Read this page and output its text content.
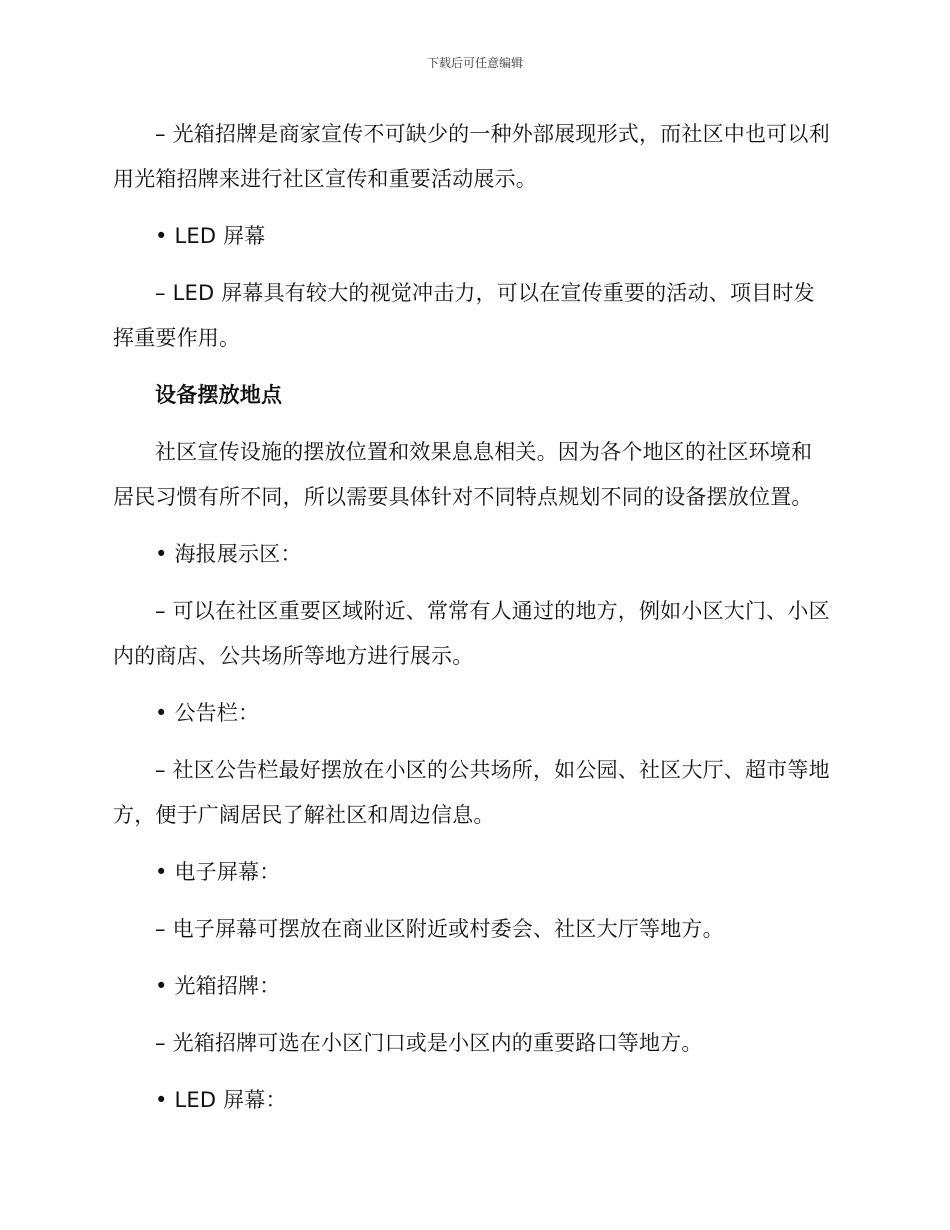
下载后可任意编辑

– 光箱招牌是商家宣传不可缺少的一种外部展现形式，而社区中也可以利用光箱招牌来进行社区宣传和重要活动展示。

• LED 屏幕

– LED 屏幕具有较大的视觉冲击力，可以在宣传重要的活动、项目时发挥重要作用。

设备摆放地点

社区宣传设施的摆放位置和效果息息相关。因为各个地区的社区环境和居民习惯有所不同，所以需要具体针对不同特点规划不同的设备摆放位置。

• 海报展示区：

– 可以在社区重要区域附近、常常有人通过的地方，例如小区大门、小区内的商店、公共场所等地方进行展示。

• 公告栏：

– 社区公告栏最好摆放在小区的公共场所，如公园、社区大厅、超市等地方，便于广阔居民了解社区和周边信息。

• 电子屏幕：

– 电子屏幕可摆放在商业区附近或村委会、社区大厅等地方。

• 光箱招牌：

– 光箱招牌可选在小区门口或是小区内的重要路口等地方。

• LED 屏幕：
